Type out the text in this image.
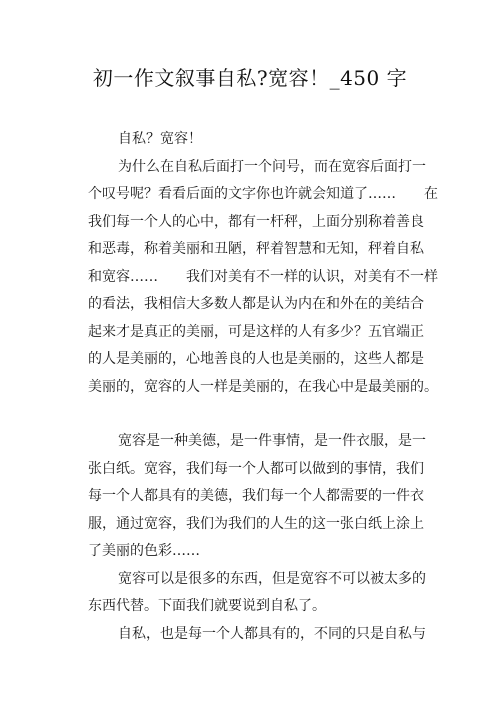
初一作文叙事自私?宽容！_450 字
自私？宽容！
为什么在自私后面打一个问号，而在宽容后面打一
个叹号呢？看看后面的文字你也许就会知道了……　　在
我们每一个人的心中，都有一杆秤，上面分别称着善良
和恶毒，称着美丽和丑陋，秤着智慧和无知，秤着自私
和宽容……　　我们对美有不一样的认识，对美有不一样
的看法，我相信大多数人都是认为内在和外在的美结合
起来才是真正的美丽，可是这样的人有多少？五官端正
的人是美丽的，心地善良的人也是美丽的，这些人都是
美丽的，宽容的人一样是美丽的，在我心中是最美丽的。
宽容是一种美德，是一件事情，是一件衣服，是一
张白纸。宽容，我们每一个人都可以做到的事情，我们
每一个人都具有的美德，我们每一个人都需要的一件衣
服，通过宽容，我们为我们的人生的这一张白纸上涂上
了美丽的色彩……
宽容可以是很多的东西，但是宽容不可以被太多的
东西代替。下面我们就要说到自私了。
自私，也是每一个人都具有的，不同的只是自私与
